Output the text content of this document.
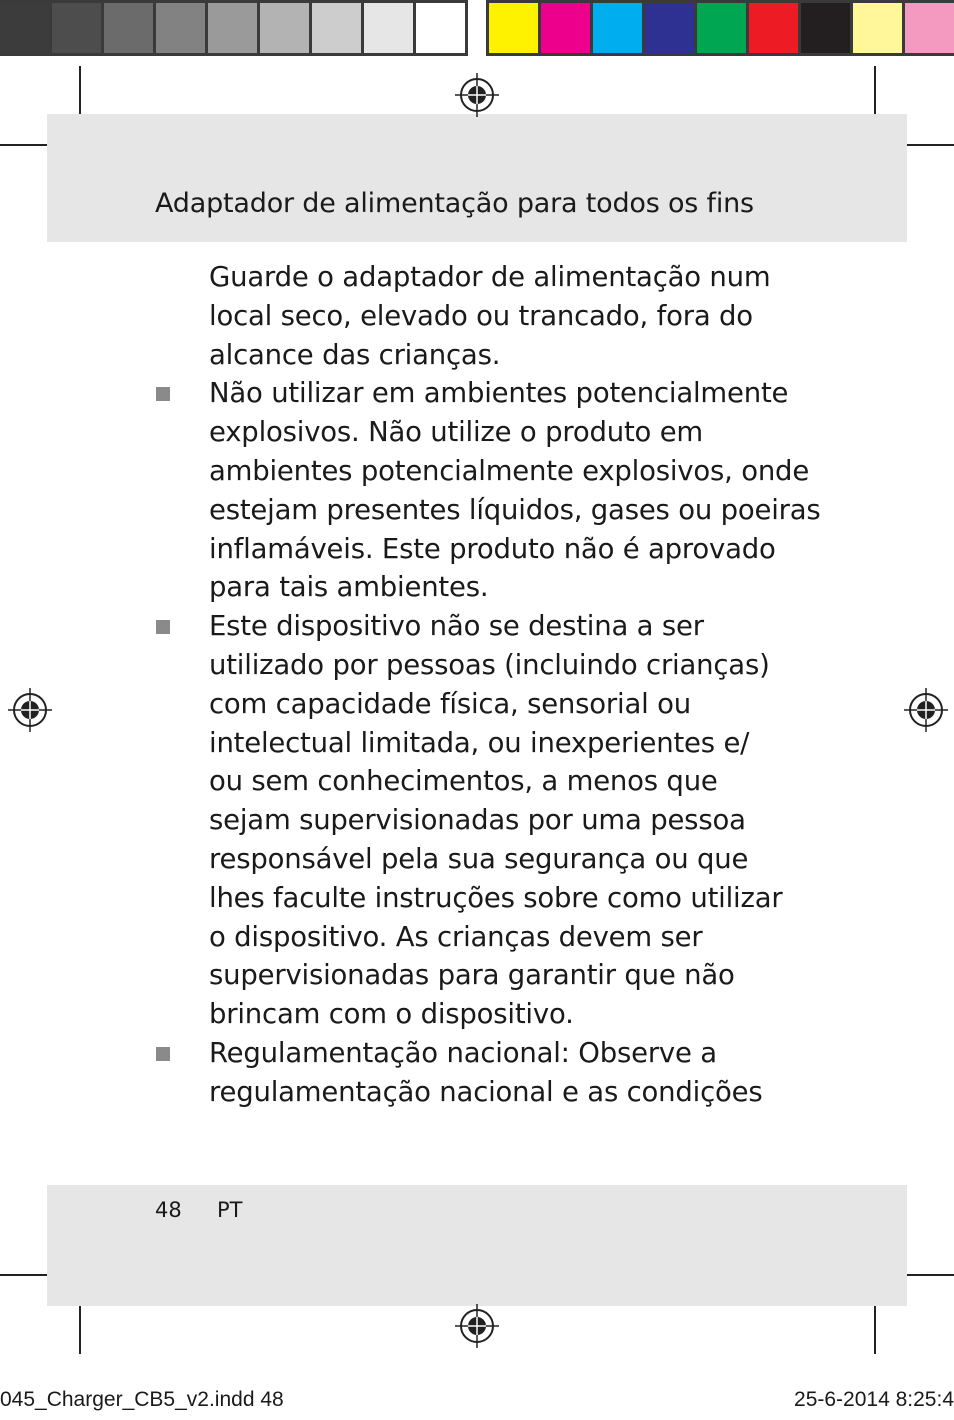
Adaptador de alimentação para todos os fins
Guarde o adaptador de alimentação num
local seco, elevado ou trancado, fora do
alcance das crianças.
Não utilizar em ambientes potencialmente
explosivos. Não utilize o produto em
ambientes potencialmente explosivos, onde
estejam presentes líquidos, gases ou poeiras
inflamáveis. Este produto não é aprovado
para tais ambientes.
Este dispositivo não se destina a ser
utilizado por pessoas (incluindo crianças)
com capacidade física, sensorial ou
intelectual limitada, ou inexperientes e/
ou sem conhecimentos, a menos que
sejam supervisionadas por uma pessoa
responsável pela sua segurança ou que
lhes faculte instruções sobre como utilizar
o dispositivo. As crianças devem ser
supervisionadas para garantir que não
brincam com o dispositivo.
Regulamentação nacional: Observe a
regulamentação nacional e as condições
48 PT
045_Charger_CB5_v2.indd 48	25-6-2014 8:25:4
